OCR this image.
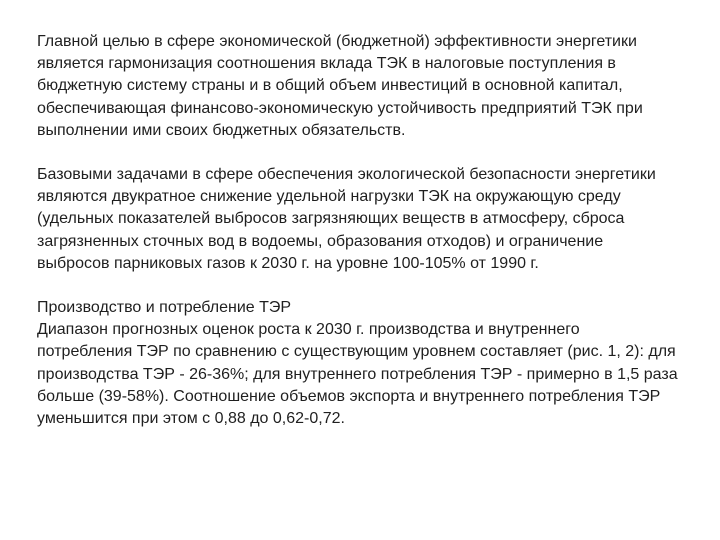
Главной целью в сфере экономической (бюджетной) эффективности энергетики
является гармонизация соотношения вклада ТЭК в налоговые поступления в
бюджетную систему страны и в общий объем инвестиций в основной капитал,
обеспечивающая финансово-экономическую устойчивость предприятий ТЭК при
выполнении ими своих бюджетных обязательств.

Базовыми задачами в сфере обеспечения экологической безопасности энергетики
являются двукратное снижение удельной нагрузки ТЭК на окружающую среду
(удельных показателей выбросов загрязняющих веществ в атмосферу, сброса
загрязненных сточных вод в водоемы, образования отходов) и ограничение
выбросов парниковых газов к 2030 г. на уровне 100-105% от 1990 г.

Производство и потребление ТЭР
Диапазон прогнозных оценок роста к 2030 г. производства и внутреннего
потребления ТЭР по сравнению с существующим уровнем составляет (рис. 1, 2): для
производства ТЭР - 26-36%; для внутреннего потребления ТЭР - примерно в 1,5 раза
больше (39-58%). Соотношение объемов экспорта и внутреннего потребления ТЭР
уменьшится при этом с 0,88 до 0,62-0,72.
